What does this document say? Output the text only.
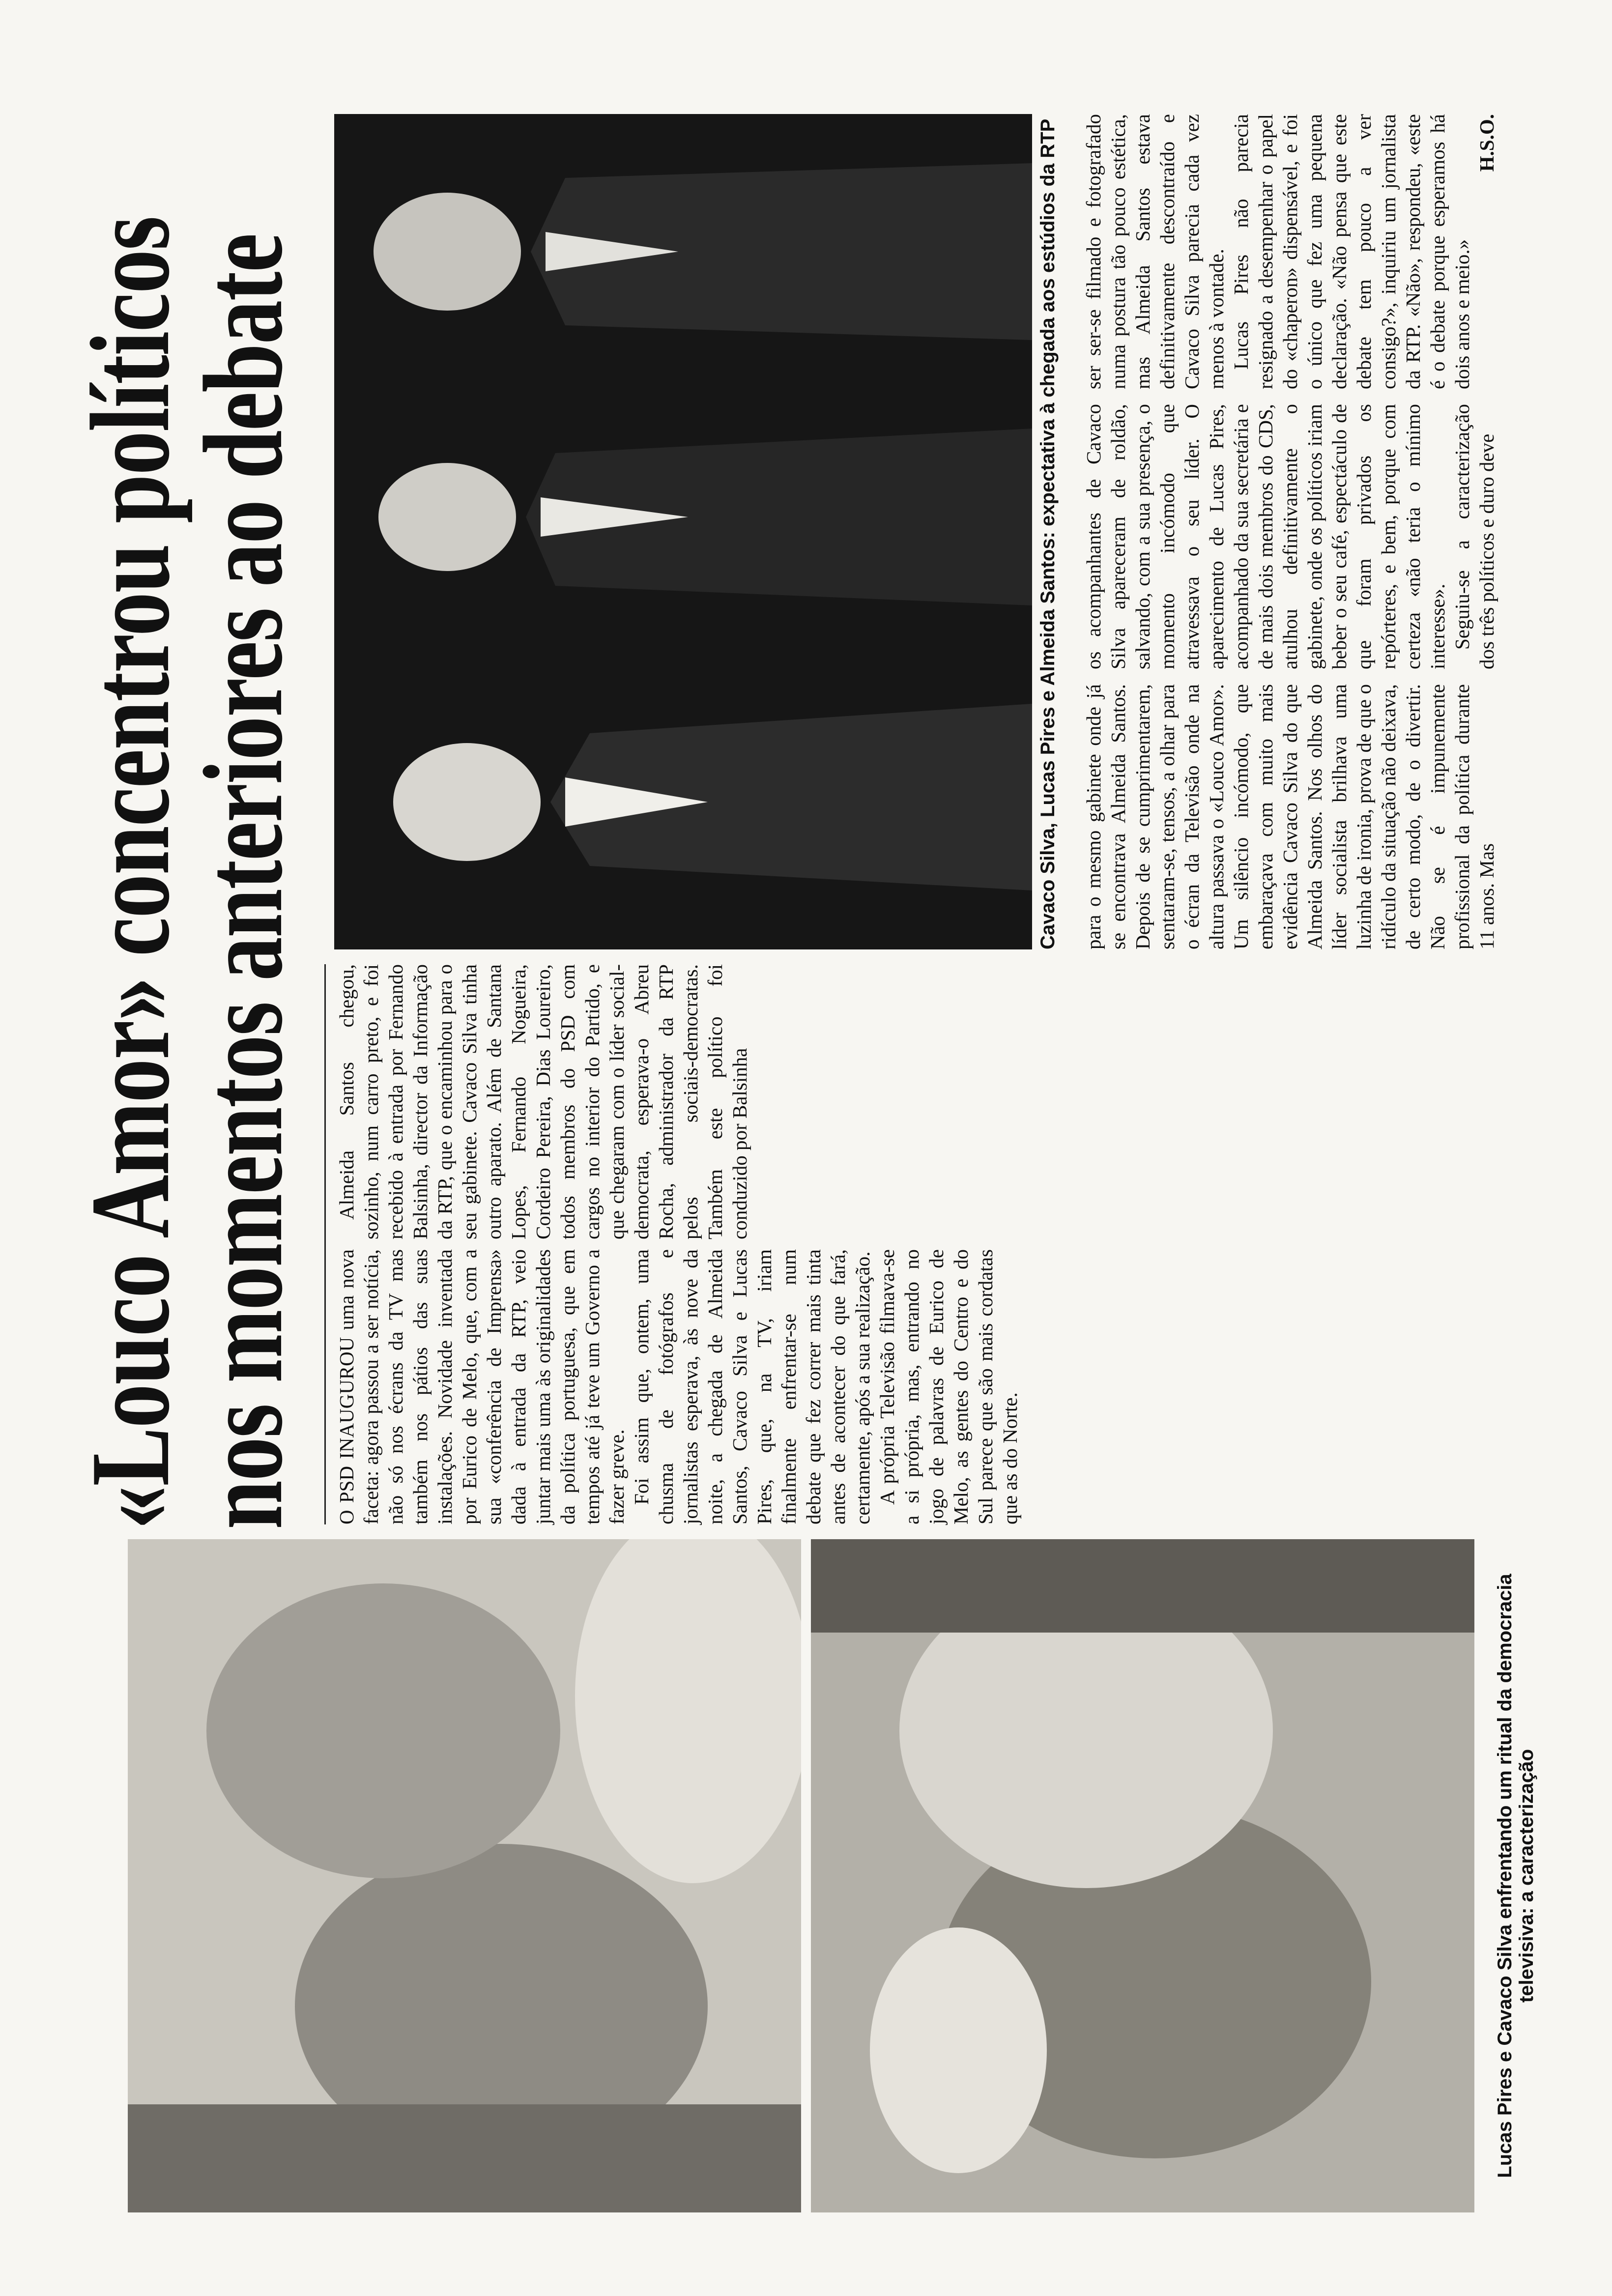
Lucas Pires e Cavaco Silva enfrentando um ritual da democracia televisiva: a caracterização
«Louco Amor» concentrou políticos
nos momentos anteriores ao debate	Cavaco Silva, Lucas Pires e Almeida Santos: expectativa à chegada aos estúdios da RTP

O PSD INAUGUROU uma nova faceta: agora passou a ser notícia, não só nos écrans da TV mas também nos pátios das suas instalações. Novidade inventada por Eurico de Melo, que, com a sua «conferência de Imprensa» dada à entrada da RTP, veio juntar mais uma às originalidades da política portuguesa, que em tempos até já teve um Governo a fazer greve. Foi assim que, ontem, uma chusma de fotógrafos e jornalistas esperava, às nove da noite, a chegada de Almeida Santos, Cavaco Silva e Lucas Pires, que, na TV, iriam finalmente enfrentar-se num debate que fez correr mais tinta antes de acontecer do que fará, certamente, após a sua realização. A própria Televisão filmava-se a si própria, mas, entrando no jogo de palavras de Eurico de Melo, as gentes do Centro e do Sul parece que são mais cordatas que as do Norte.

Almeida Santos chegou, sozinho, num carro preto, e foi recebido à entrada por Fernando Balsinha, director da Informação da RTP, que o encaminhou para o seu gabinete. Cavaco Silva tinha outro aparato. Além de Santana Lopes, Fernando Nogueira, Cordeiro Pereira, Dias Loureiro, todos membros do PSD com cargos no interior do Partido, e que chegaram com o líder social-democrata, esperava-o Abreu Rocha, administrador da RTP pelos sociais-democratas. Também este político foi conduzido por Balsinha

para o mesmo gabinete onde já se encontrava Almeida Santos. Depois de se cumprimentarem, sentaram-se, tensos, a olhar para o écran da Televisão onde na altura passava o «Louco Amor». Um silêncio incómodo, que embaraçava com muito mais evidência Cavaco Silva do que Almeida Santos. Nos olhos do líder socialista brilhava uma luzinha de ironia, prova de que o ridículo da situação não deixava, de certo modo, de o divertir. Não se é impunemente profissional da política durante 11 anos. Mas

os acompanhantes de Cavaco Silva apareceram de roldão, salvando, com a sua presença, o momento incómodo que atravessava o seu líder. O aparecimento de Lucas Pires, acompanhado da sua secretária e de mais dois membros do CDS, atulhou definitivamente o gabinete, onde os políticos iriam beber o seu café, espectáculo de que foram privados os repórteres, e bem, porque com certeza «não teria o mínimo interesse». Seguiu-se a caracterização dos três políticos e duro deve

ser ser-se filmado e fotografado numa postura tão pouco estética, mas Almeida Santos estava definitivamente descontraído e Cavaco Silva parecia cada vez menos à vontade. Lucas Pires não parecia resignado a desempenhar o papel do «chaperon» dispensável, e foi o único que fez uma pequena declaração. «Não pensa que este debate tem pouco a ver consigo?», inquiriu um jornalista da RTP. «Não», respondeu, «este é o debate porque esperamos há dois anos e meio.»

H.S.O.
